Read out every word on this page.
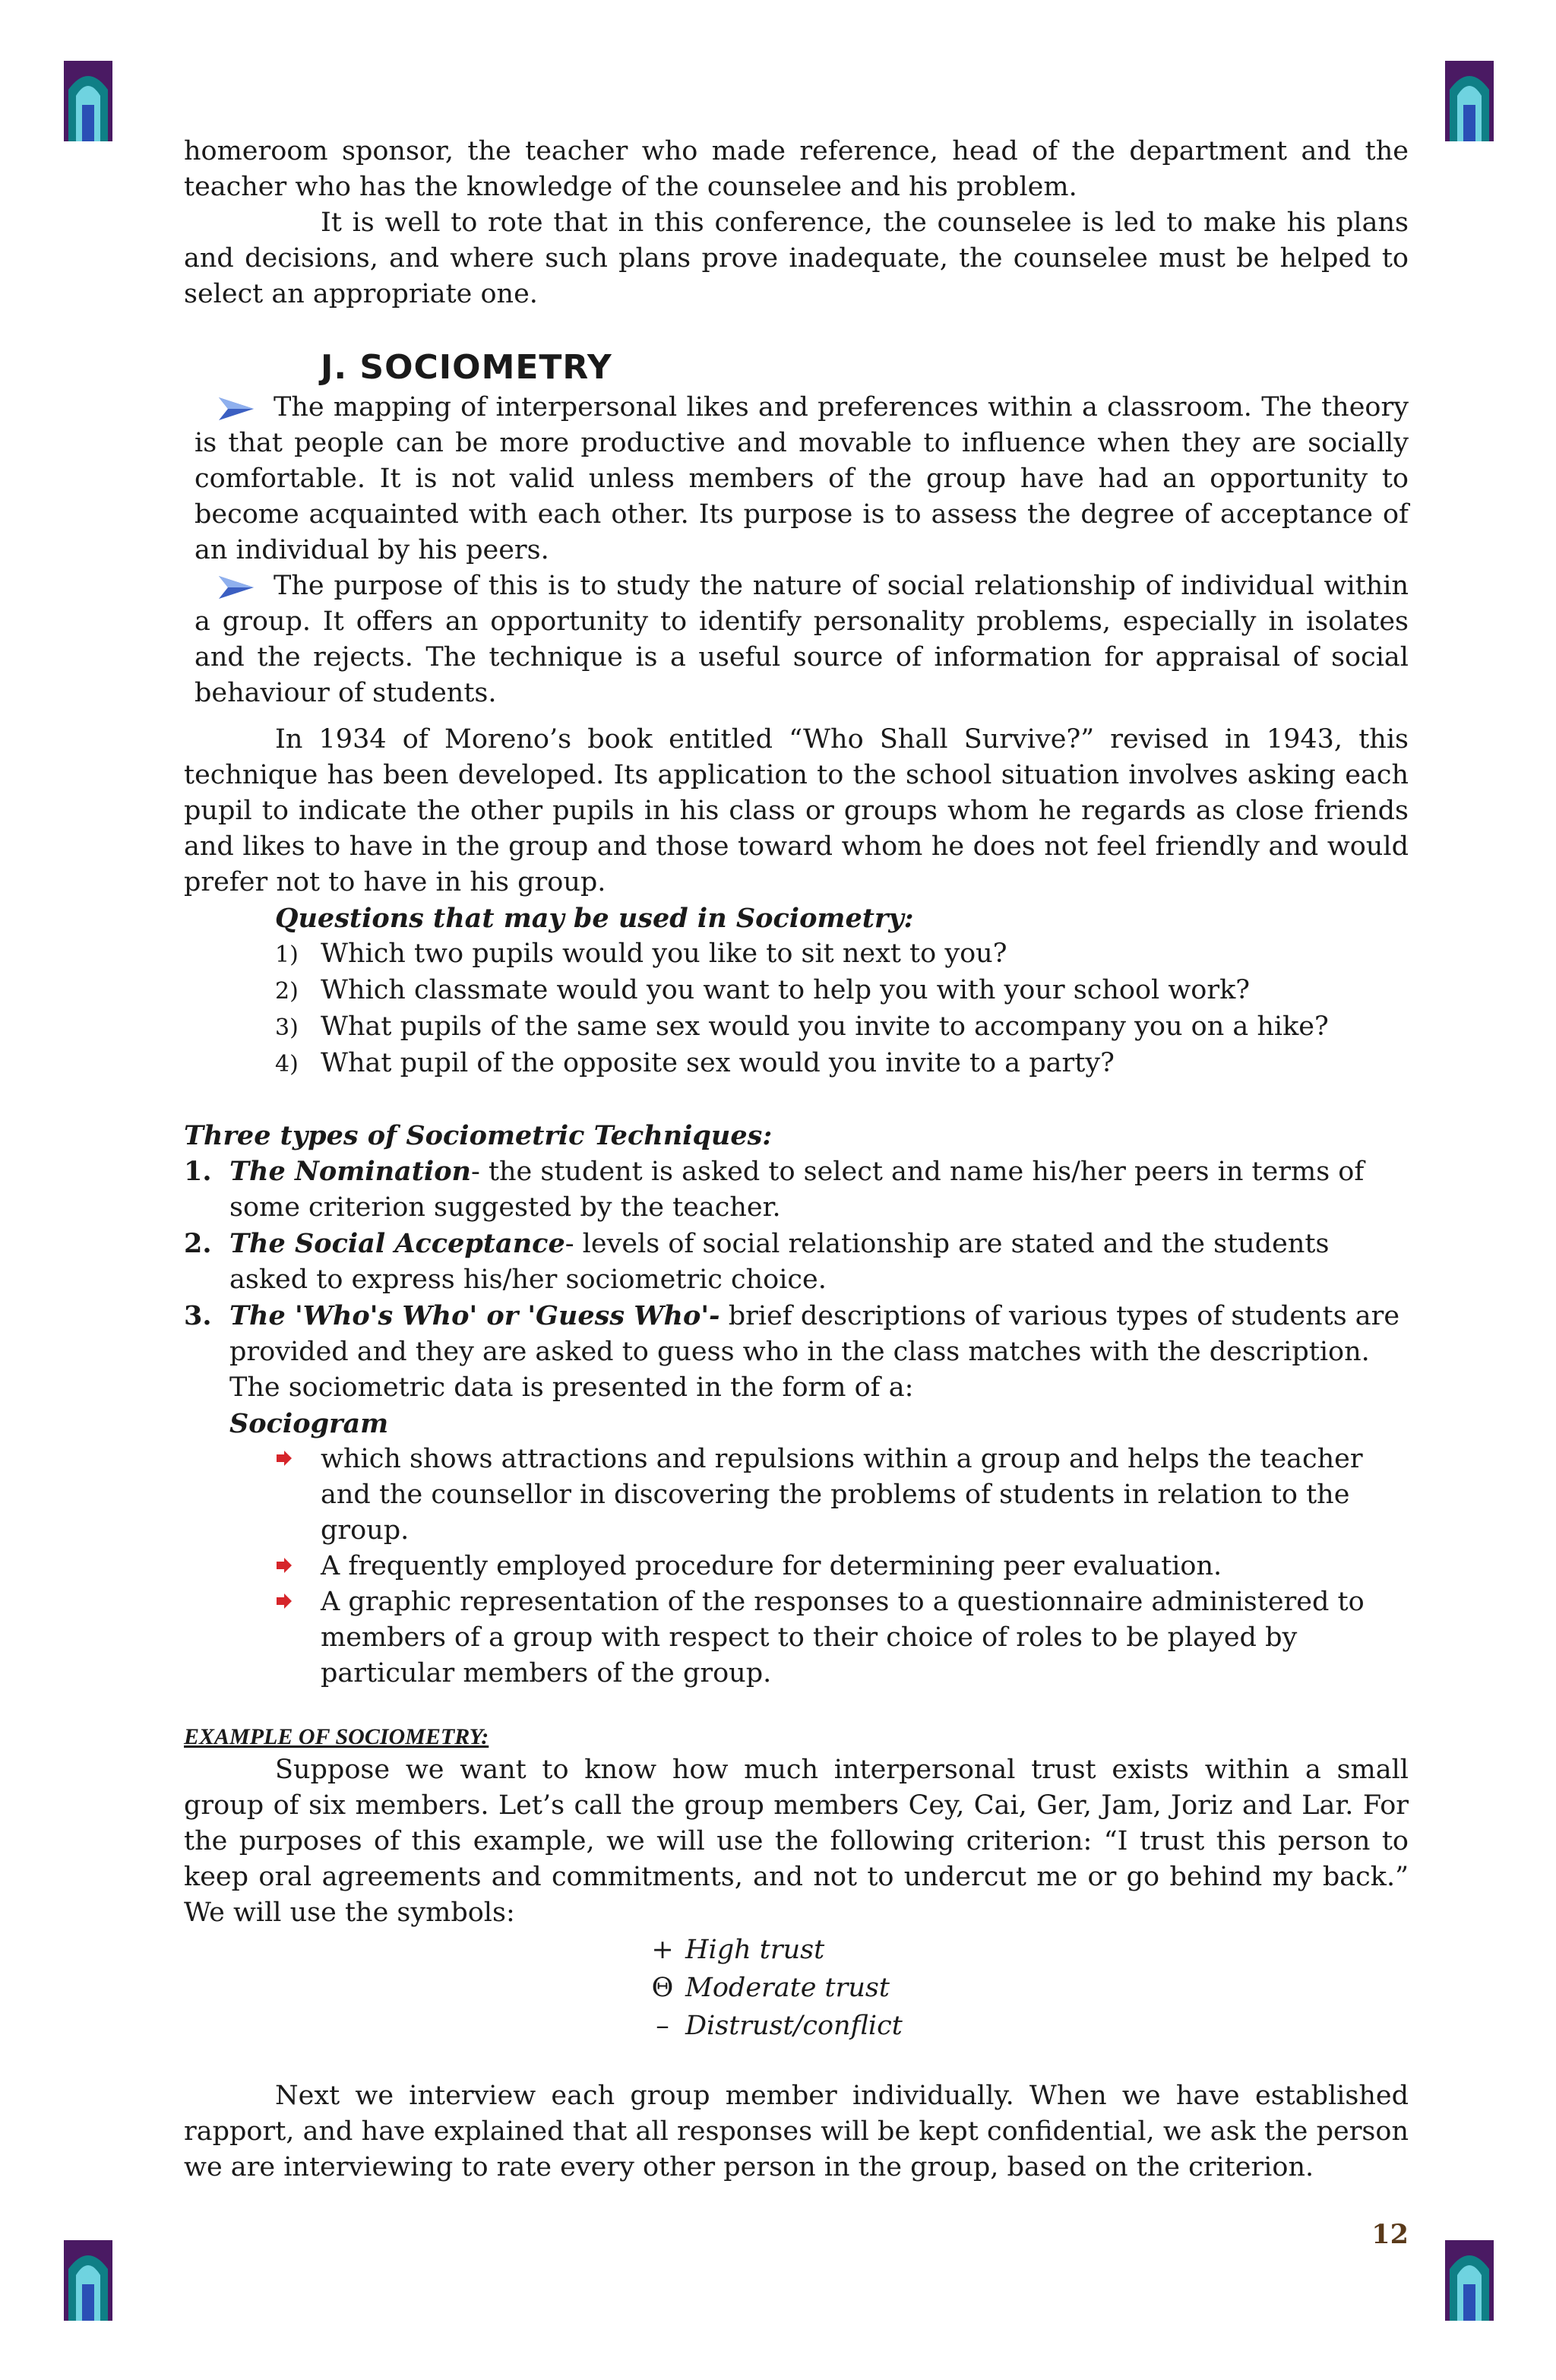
homeroom sponsor, the teacher who made reference, head of the department and the teacher who has the knowledge of the counselee and his problem.

It is well to rote that in this conference, the counselee is led to make his plans and decisions, and where such plans prove inadequate, the counselee must be helped to select an appropriate one.

J. SOCIOMETRY

The mapping of interpersonal likes and preferences within a classroom. The theory is that people can be more productive and movable to influence when they are socially comfortable. It is not valid unless members of the group have had an opportunity to become acquainted with each other. Its purpose is to assess the degree of acceptance of an individual by his peers.

The purpose of this is to study the nature of social relationship of individual within a group. It offers an opportunity to identify personality problems, especially in isolates and the rejects. The technique is a useful source of information for appraisal of social behaviour of students.

In 1934 of Moreno’s book entitled “Who Shall Survive?” revised in 1943, this technique has been developed. Its application to the school situation involves asking each pupil to indicate the other pupils in his class or groups whom he regards as close friends and likes to have in the group and those toward whom he does not feel friendly and would prefer not to have in his group.

Questions that may be used in Sociometry:
1) Which two pupils would you like to sit next to you?
2) Which classmate would you want to help you with your school work?
3) What pupils of the same sex would you invite to accompany you on a hike?
4) What pupil of the opposite sex would you invite to a party?
Three types of Sociometric Techniques:
1. The Nomination- the student is asked to select and name his/her peers in terms of some criterion suggested by the teacher.
2. The Social Acceptance- levels of social relationship are stated and the students asked to express his/her sociometric choice.
3. The 'Who's Who' or 'Guess Who'- brief descriptions of various types of students are provided and they are asked to guess who in the class matches with the description.
The sociometric data is presented in the form of a:
Sociogram
which shows attractions and repulsions within a group and helps the teacher and the counsellor in discovering the problems of students in relation to the group.
A frequently employed procedure for determining peer evaluation.
A graphic representation of the responses to a questionnaire administered to members of a group with respect to their choice of roles to be played by particular members of the group.
EXAMPLE OF SOCIOMETRY:

Suppose we want to know how much interpersonal trust exists within a small group of six members. Let’s call the group members Cey, Cai, Ger, Jam, Joriz and Lar. For the purposes of this example, we will use the following criterion: “I trust this person to keep oral agreements and commitments, and not to undercut me or go behind my back.” We will use the symbols:

+ High trust
Θ Moderate trust
– Distrust/conflict

Next we interview each group member individually. When we have established rapport, and have explained that all responses will be kept confidential, we ask the person we are interviewing to rate every other person in the group, based on the criterion.

12
